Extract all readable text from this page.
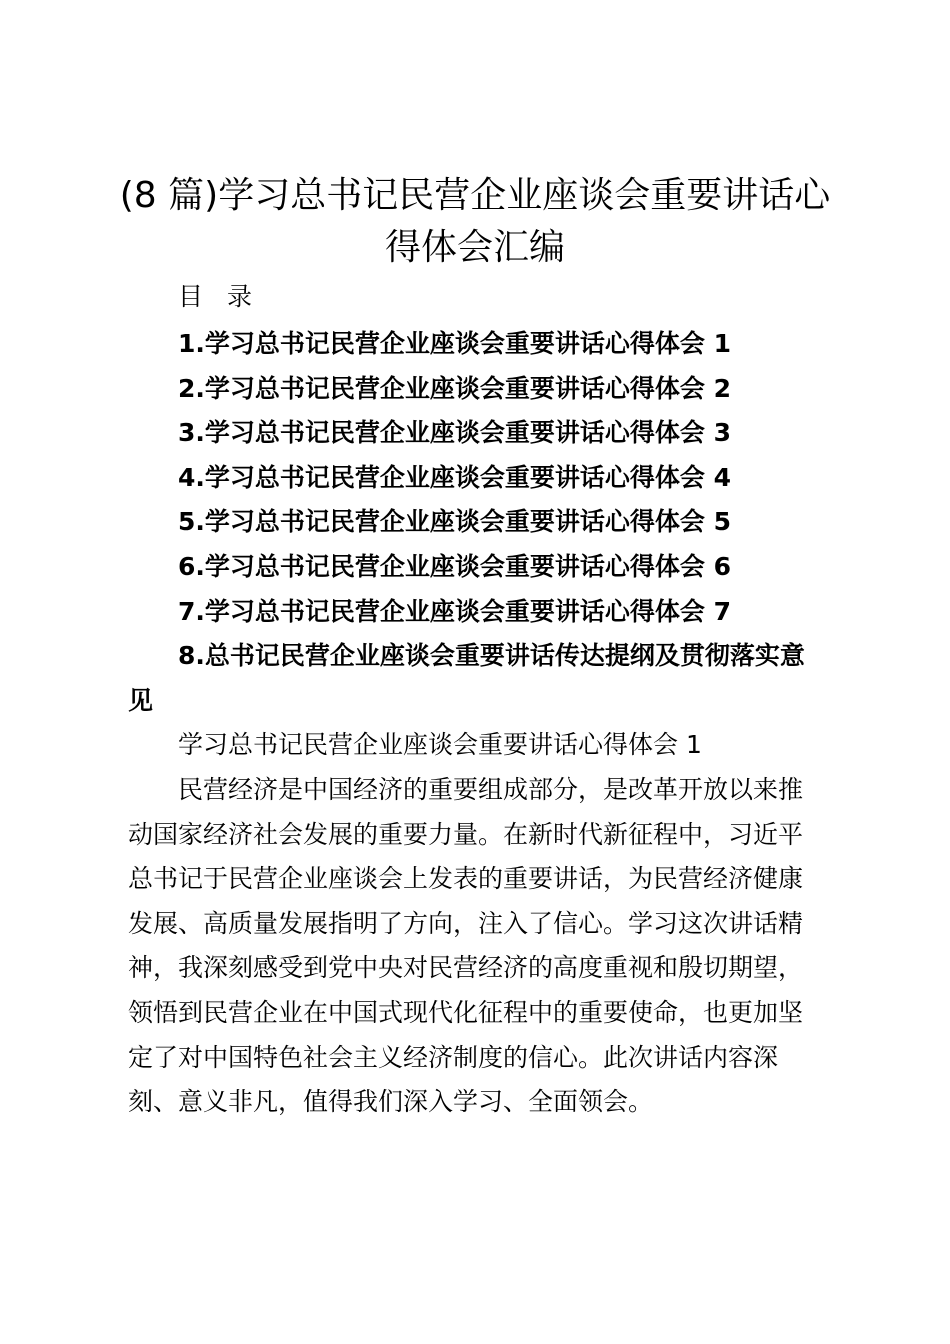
(8 篇)学习总书记民营企业座谈会重要讲话心
得体会汇编
目 录
1.学习总书记民营企业座谈会重要讲话心得体会 1
2.学习总书记民营企业座谈会重要讲话心得体会 2
3.学习总书记民营企业座谈会重要讲话心得体会 3
4.学习总书记民营企业座谈会重要讲话心得体会 4
5.学习总书记民营企业座谈会重要讲话心得体会 5
6.学习总书记民营企业座谈会重要讲话心得体会 6
7.学习总书记民营企业座谈会重要讲话心得体会 7
8.总书记民营企业座谈会重要讲话传达提纲及贯彻落实意见
学习总书记民营企业座谈会重要讲话心得体会 1

民营经济是中国经济的重要组成部分，是改革开放以来推
动国家经济社会发展的重要力量。在新时代新征程中，习近平
总书记于民营企业座谈会上发表的重要讲话，为民营经济健康
发展、高质量发展指明了方向，注入了信心。学习这次讲话精
神，我深刻感受到党中央对民营经济的高度重视和殷切期望，
领悟到民营企业在中国式现代化征程中的重要使命，也更加坚
定了对中国特色社会主义经济制度的信心。此次讲话内容深
刻、意义非凡，值得我们深入学习、全面领会。
